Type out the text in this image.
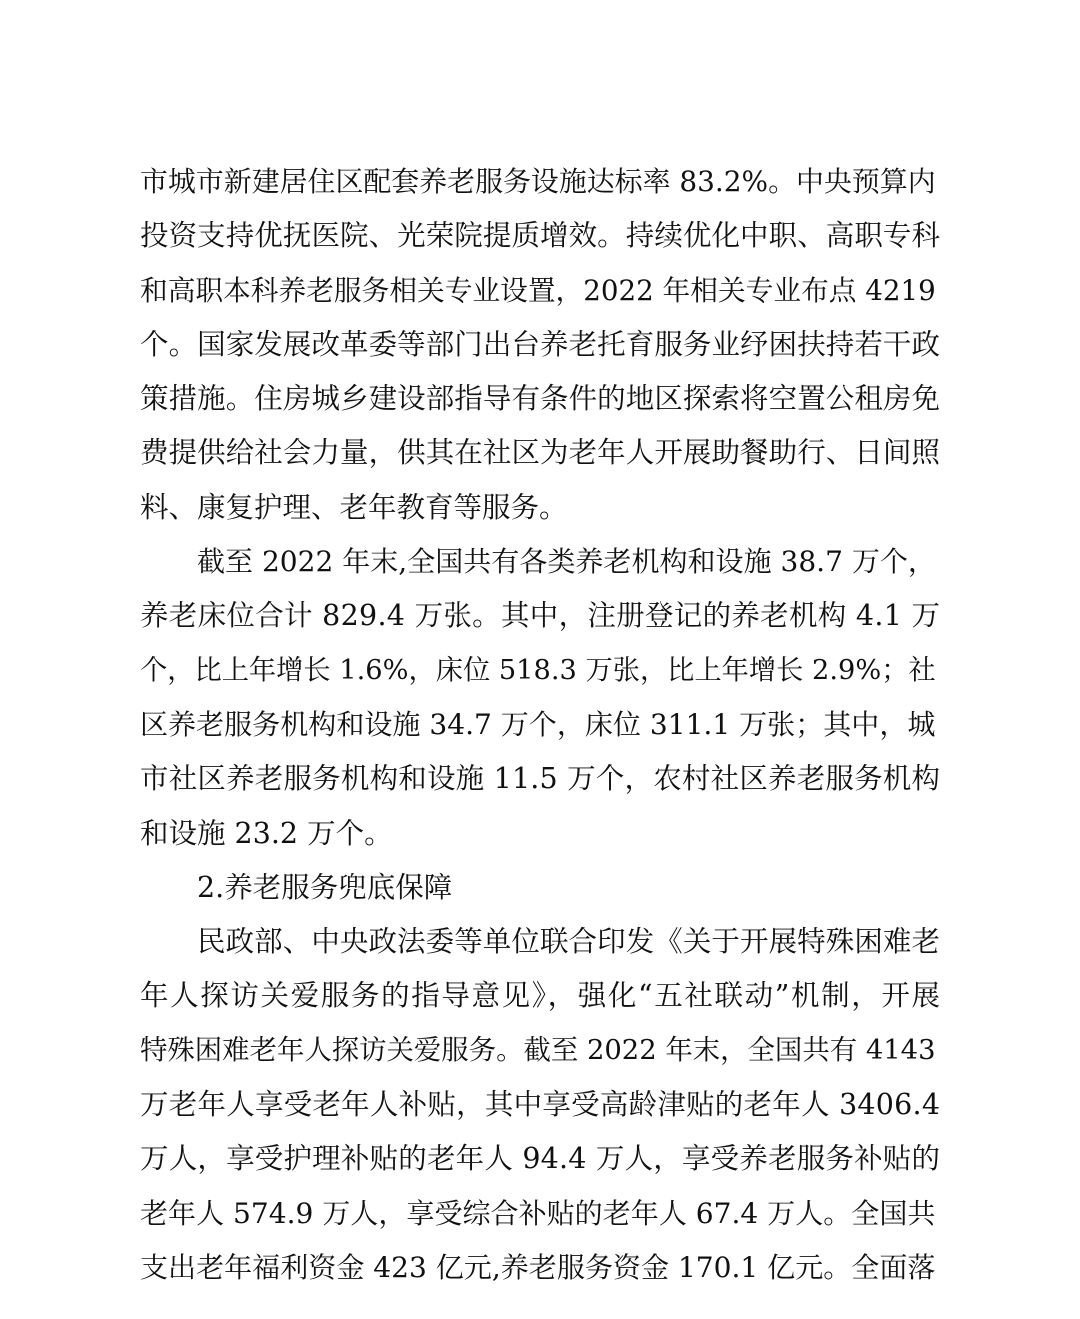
市城市新建居住区配套养老服务设施达标率 83.2%。中央预算内
投资支持优抚医院、光荣院提质增效。持续优化中职、高职专科
和高职本科养老服务相关专业设置，2022 年相关专业布点 4219
个。国家发展改革委等部门出台养老托育服务业纾困扶持若干政
策措施。住房城乡建设部指导有条件的地区探索将空置公租房免
费提供给社会力量，供其在社区为老年人开展助餐助行、日间照
料、康复护理、老年教育等服务。
截至 2022 年末,全国共有各类养老机构和设施 38.7 万个，
养老床位合计 829.4 万张。其中，注册登记的养老机构 4.1 万
个，比上年增长 1.6%，床位 518.3 万张，比上年增长 2.9%；社
区养老服务机构和设施 34.7 万个，床位 311.1 万张；其中，城
市社区养老服务机构和设施 11.5 万个，农村社区养老服务机构
和设施 23.2 万个。
2.养老服务兜底保障
民政部、中央政法委等单位联合印发《关于开展特殊困难老
年人探访关爱服务的指导意见》，强化“五社联动”机制，开展
特殊困难老年人探访关爱服务。截至 2022 年末，全国共有 4143
万老年人享受老年人补贴，其中享受高龄津贴的老年人 3406.4
万人，享受护理补贴的老年人 94.4 万人，享受养老服务补贴的
老年人 574.9 万人，享受综合补贴的老年人 67.4 万人。全国共
支出老年福利资金 423 亿元,养老服务资金 170.1 亿元。全面落
